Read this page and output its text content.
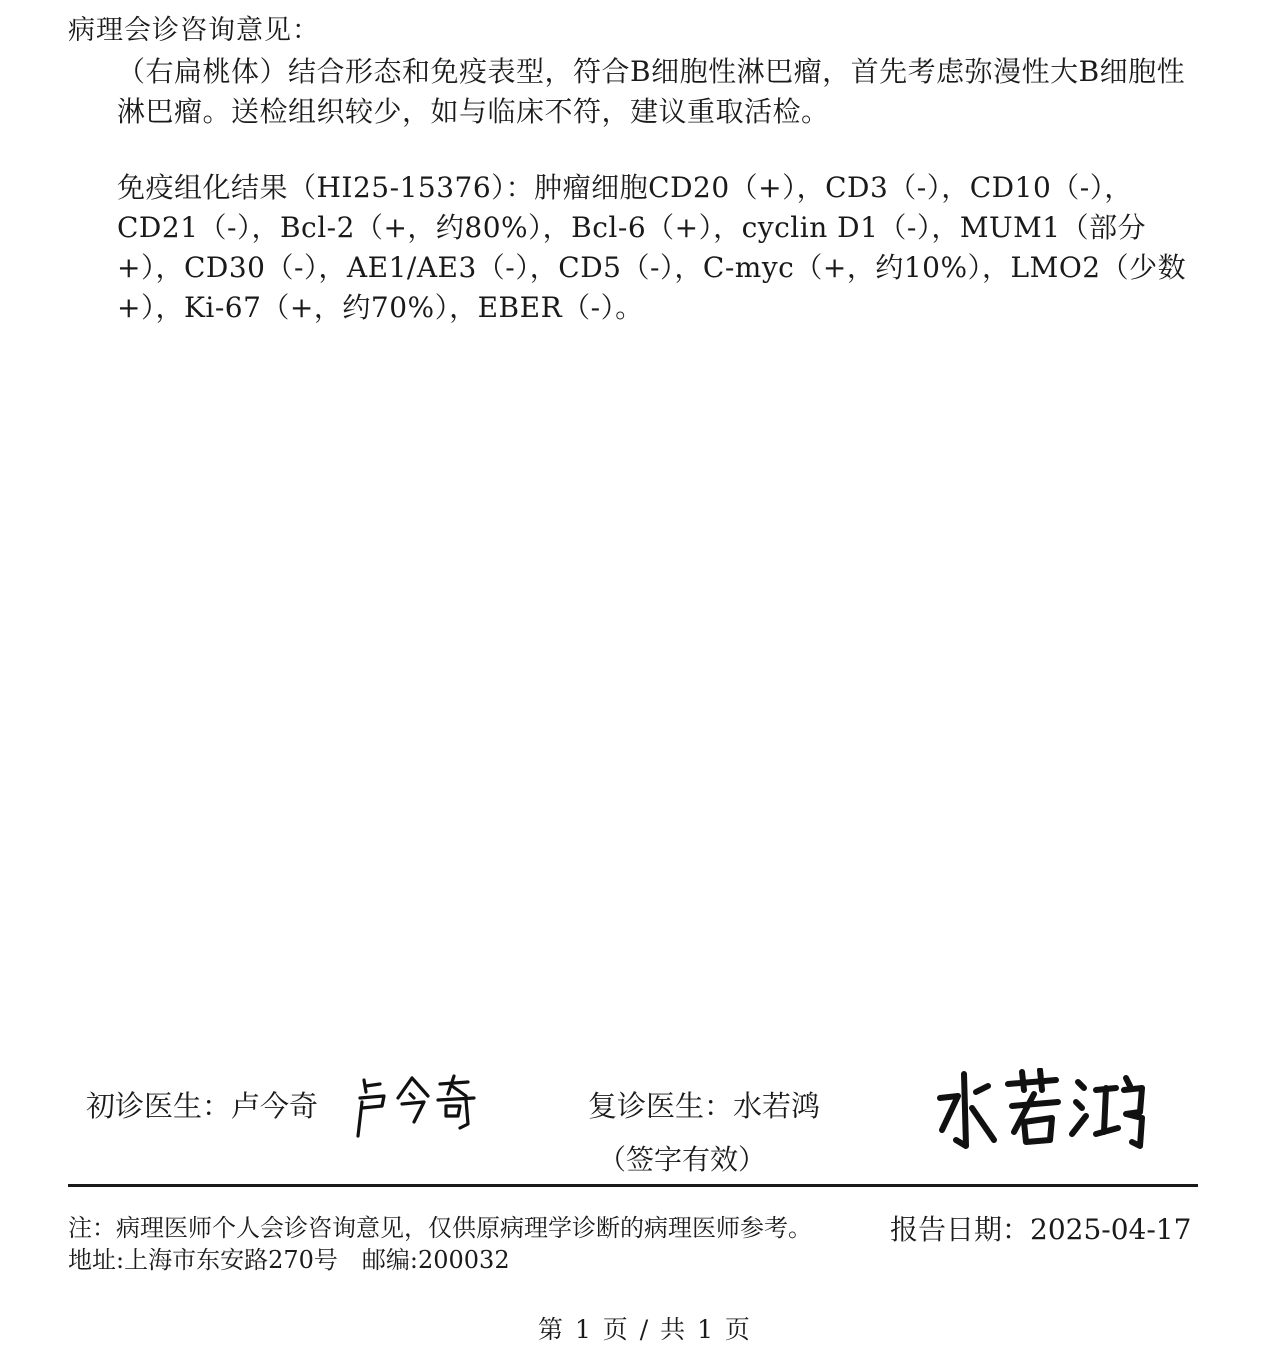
病理会诊咨询意见：
（右扁桃体）结合形态和免疫表型，符合B细胞性淋巴瘤，首先考虑弥漫性大B细胞性淋巴瘤。送检组织较少，如与临床不符，建议重取活检。
免疫组化结果（HI25-15376）：肿瘤细胞CD20（+），CD3（-），CD10（-），CD21（-），Bcl-2（+，约80%），Bcl-6（+），cyclin D1（-），MUM1（部分+），CD30（-），AE1/AE3（-），CD5（-），C-myc（+，约10%），LMO2（少数+），Ki-67（+，约70%），EBER（-）。
初诊医生：卢今奇	复诊医生：水若鸿
（签字有效）
注：病理医师个人会诊咨询意见，仅供原病理学诊断的病理医师参考。
地址:上海市东安路270号　邮编:200032
报告日期：2025-04-17
第 1 页 / 共 1 页
